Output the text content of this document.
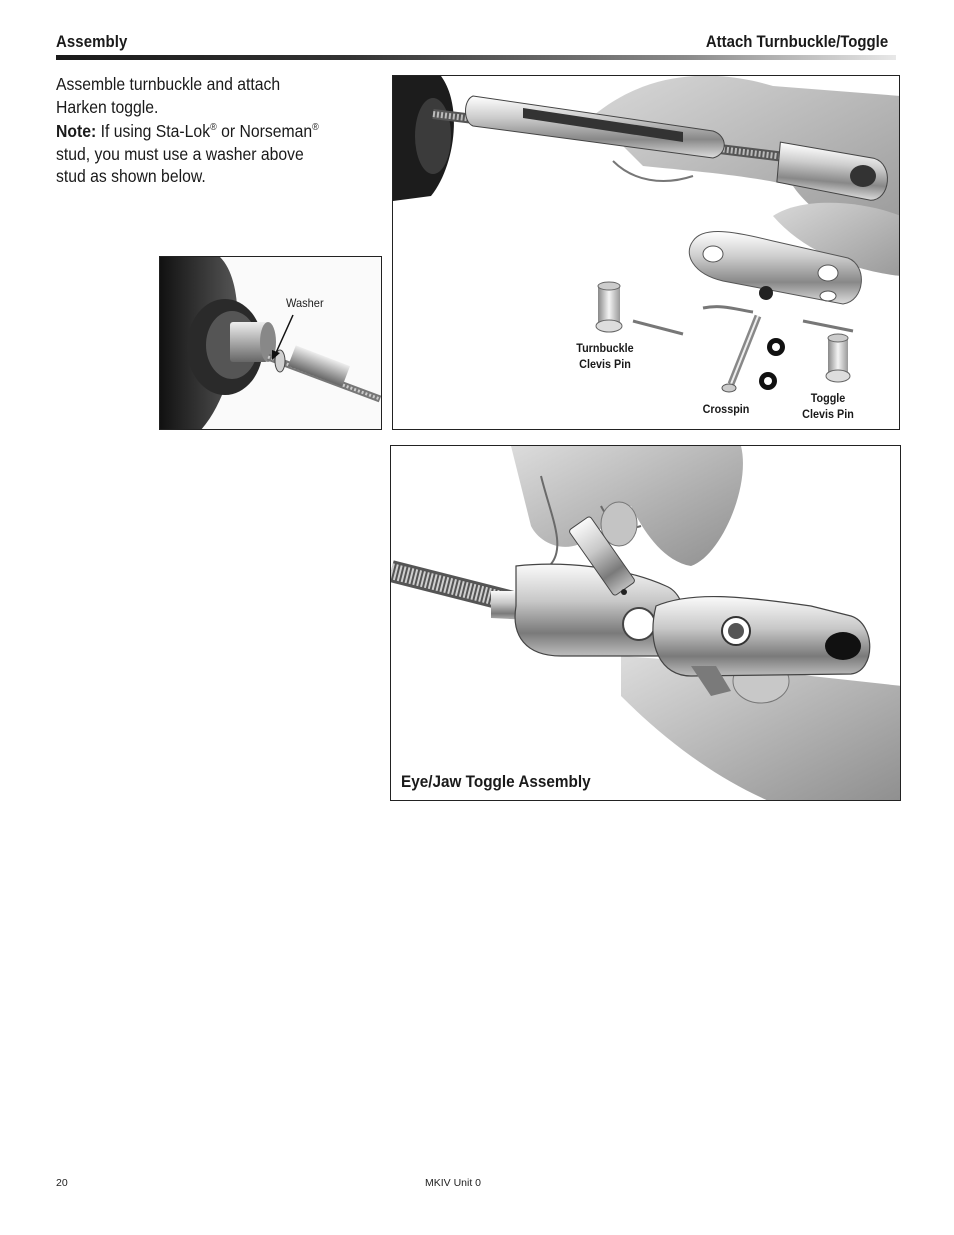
Assembly	Attach Turnbuckle/Toggle

Assemble turnbuckle and attach Harken toggle.

Note: If using Sta-Lok® or Norseman® stud, you must use a washer above stud as shown below.

Washer
Turnbuckle
Clevis Pin
Crosspin
Toggle
Clevis Pin
Eye/Jaw Toggle Assembly
20	MKIV Unit 0
